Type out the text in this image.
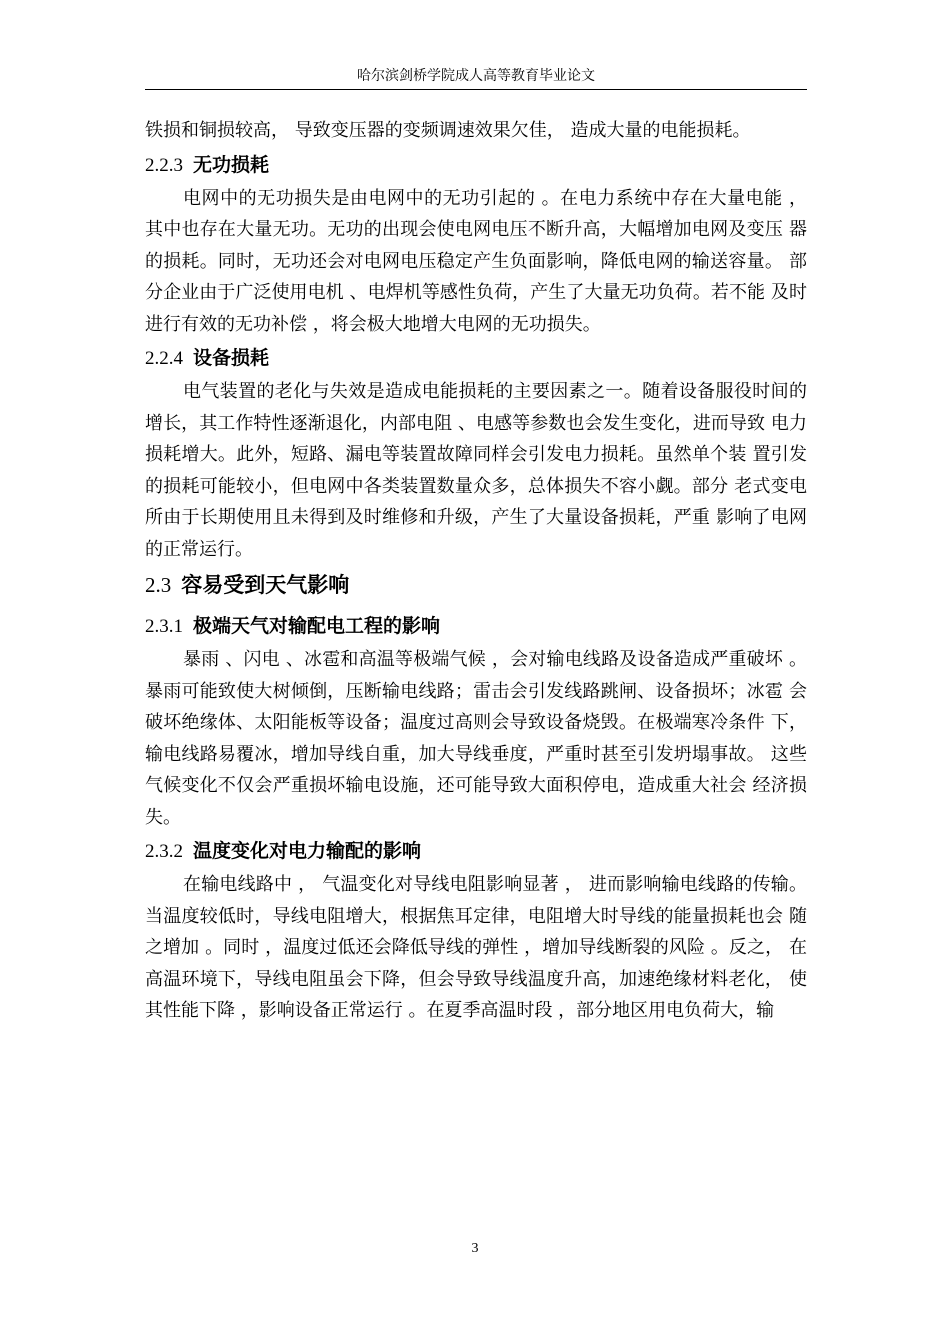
哈尔滨剑桥学院成人高等教育毕业论文

铁损和铜损较高， 导致变压器的变频调速效果欠佳， 造成大量的电能损耗。

2.2.3 无功损耗

电网中的无功损失是由电网中的无功引起的 。在电力系统中存在大量电能 ， 其中也存在大量无功。无功的出现会使电网电压不断升高，大幅增加电网及变压 器的损耗。同时，无功还会对电网电压稳定产生负面影响，降低电网的输送容量。 部分企业由于广泛使用电机 、电焊机等感性负荷，产生了大量无功负荷。若不能 及时进行有效的无功补偿 ，将会极大地增大电网的无功损失。

2.2.4 设备损耗

电气装置的老化与失效是造成电能损耗的主要因素之一。随着设备服役时间的增长，其工作特性逐渐退化，内部电阻 、电感等参数也会发生变化，进而导致 电力损耗增大。此外，短路、漏电等装置故障同样会引发电力损耗。虽然单个装 置引发的损耗可能较小，但电网中各类装置数量众多，总体损失不容小觑。部分 老式变电所由于长期使用且未得到及时维修和升级，产生了大量设备损耗，严重 影响了电网的正常运行。

2.3 容易受到天气影响
2.3.1 极端天气对输配电工程的影响

暴雨 、闪电 、冰雹和高温等极端气候 ，会对输电线路及设备造成严重破坏 。 暴雨可能致使大树倾倒，压断输电线路；雷击会引发线路跳闸、设备损坏；冰雹 会破坏绝缘体、太阳能板等设备；温度过高则会导致设备烧毁。在极端寒冷条件 下，输电线路易覆冰，增加导线自重，加大导线垂度，严重时甚至引发坍塌事故。 这些气候变化不仅会严重损坏输电设施，还可能导致大面积停电，造成重大社会 经济损失。

2.3.2 温度变化对电力输配的影响

在输电线路中 ， 气温变化对导线电阻影响显著 ， 进而影响输电线路的传输。 当温度较低时，导线电阻增大，根据焦耳定律，电阻增大时导线的能量损耗也会 随之增加 。同时 ，温度过低还会降低导线的弹性 ，增加导线断裂的风险 。反之， 在高温环境下，导线电阻虽会下降，但会导致导线温度升高，加速绝缘材料老化， 使其性能下降 ，影响设备正常运行 。在夏季高温时段 ，部分地区用电负荷大，输

3
